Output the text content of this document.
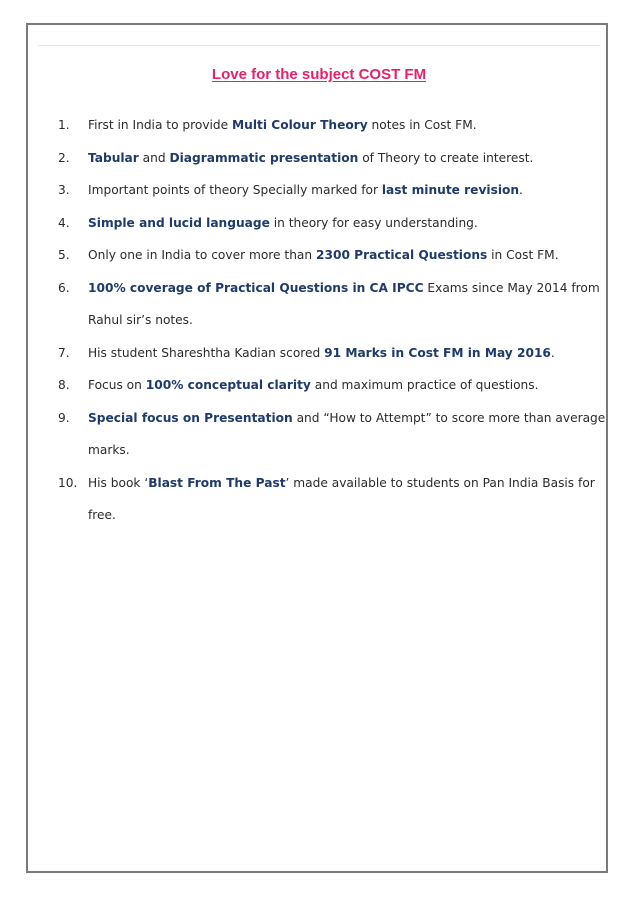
Love for the subject COST FM
1.	First in India to provide Multi Colour Theory notes in Cost FM.
2.	Tabular and Diagrammatic presentation of Theory to create interest.
3.	Important points of theory Specially marked for last minute revision.
4.	Simple and lucid language in theory for easy understanding.
5.	Only one in India to cover more than 2300 Practical Questions in Cost FM.
6.	100% coverage of Practical Questions in CA IPCC Exams since May 2014 from Rahul sir’s notes.
7.	His student Shareshtha Kadian scored 91 Marks in Cost FM in May 2016.
8.	Focus on 100% conceptual clarity and maximum practice of questions.
9.	Special focus on Presentation and “How to Attempt” to score more than average marks.
10. His book ‘Blast From The Past’ made available to students on Pan India Basis for free.
